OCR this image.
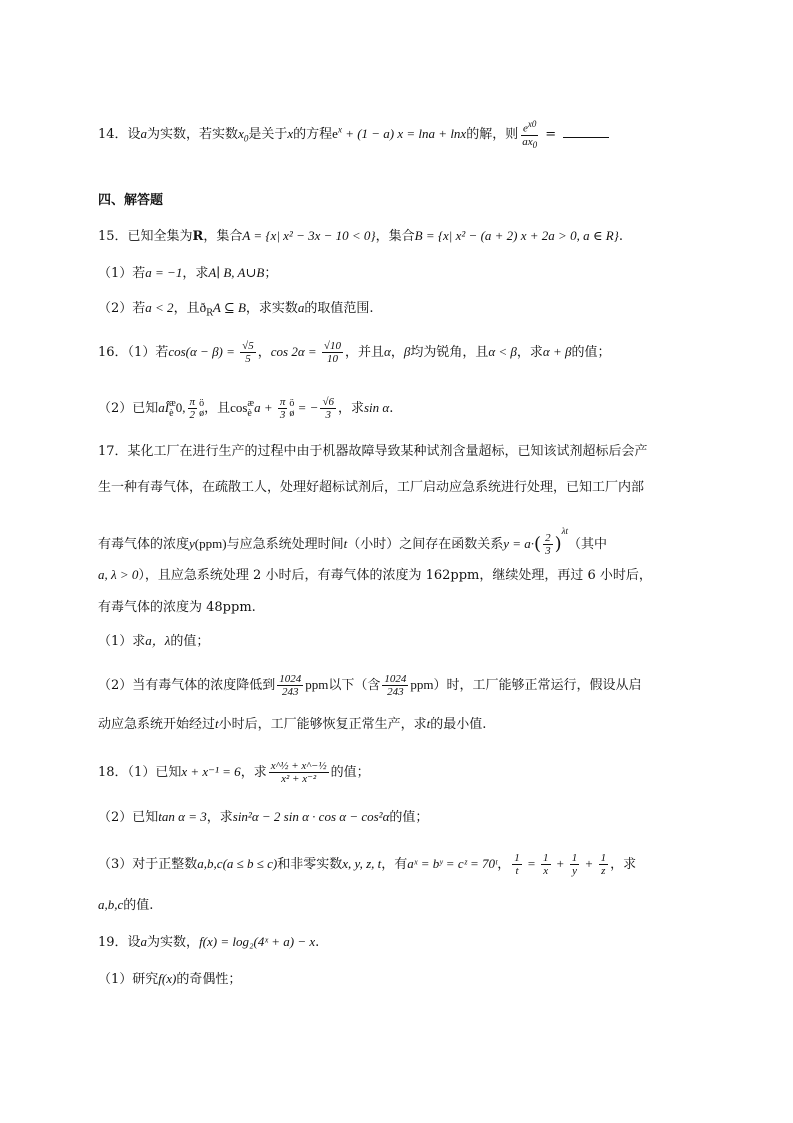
14．设a为实数，若实数$x_0$是关于x的方程$e^x + (1 - a) x = \ln a + \ln x$的解，则 $\frac{e^{x0}}{ax_0}$ =
四、解答题
15．已知全集为R，集合A = {x| x² − 3x − 10 < 0}，集合B = {x| x² − (a + 2) x + 2a > 0, a ∈ R}.
（1）若a = −1，求A∣ B, A∪B；
（2）若a < 2，且$ð_RA$ ⊆ B，求实数a的取值范围.
16．（1）若$\cos(\alpha - \beta) = \frac{√5}{5}$ ，$\cos 2\alpha = \frac{√10}{10}$ ，并且α，β均为锐角，且α < β，求α + β的值；
（2）已知aÎ æ
è 0, $\frac{\pi}{2}$ ö
ø ，且cos æ
è $a + \frac{\pi}{3}$ ö
ø = − $\frac{√6}{3}$ ，求sin α.
17．某化工厂在进行生产的过程中由于机器故障导致某种试剂含量超标，已知该试剂超标后会产
生一种有毒气体，在疏散工人，处理好超标试剂后，工厂启动应急系统进行处理，已知工厂内部
有毒气体的浓度y(ppm)与应急系统处理时间t（小时）之间存在函数关系$y = a\cdot( \frac{2}{3} )^{\lambda t}$（其中
a, λ > 0），且应急系统处理 2 小时后，有毒气体的浓度为 162ppm，继续处理，再过 6 小时后，
有毒气体的浓度为 48ppm.
（1）求a，λ的值；
（2）当有毒气体的浓度降低到 $\frac{1024}{243}$ ppm以下（含 $\frac{1024}{243} ppm$）时，工厂能够正常运行，假设从启
动应急系统开始经过t小时后，工厂能够恢复正常生产，求t的最小值.
18．（1）已知x + x⁻¹ = 6，求 $\frac{\text{x\textasciicircum{}½ + x\textasciicircum{}−½}}{\text{x² + x⁻²}}$ 的值；
（2）已知tan α = 3，求sin²α − 2 sin α · cos α − cos²α的值；
（3）对于正整数a,b,c(a ≤ b ≤ c)和非零实数x, y, z, t，有aˣ = bʸ = cᶻ = 70ᵗ， $\frac{1}{t} = \frac{1}{x} + \frac{1}{y} + \frac{1}{z}$ ，求
a,b,c的值.
19．设a为实数，f(x) = log₂(4ˣ + a) − x.
（1）研究f(x)的奇偶性；
